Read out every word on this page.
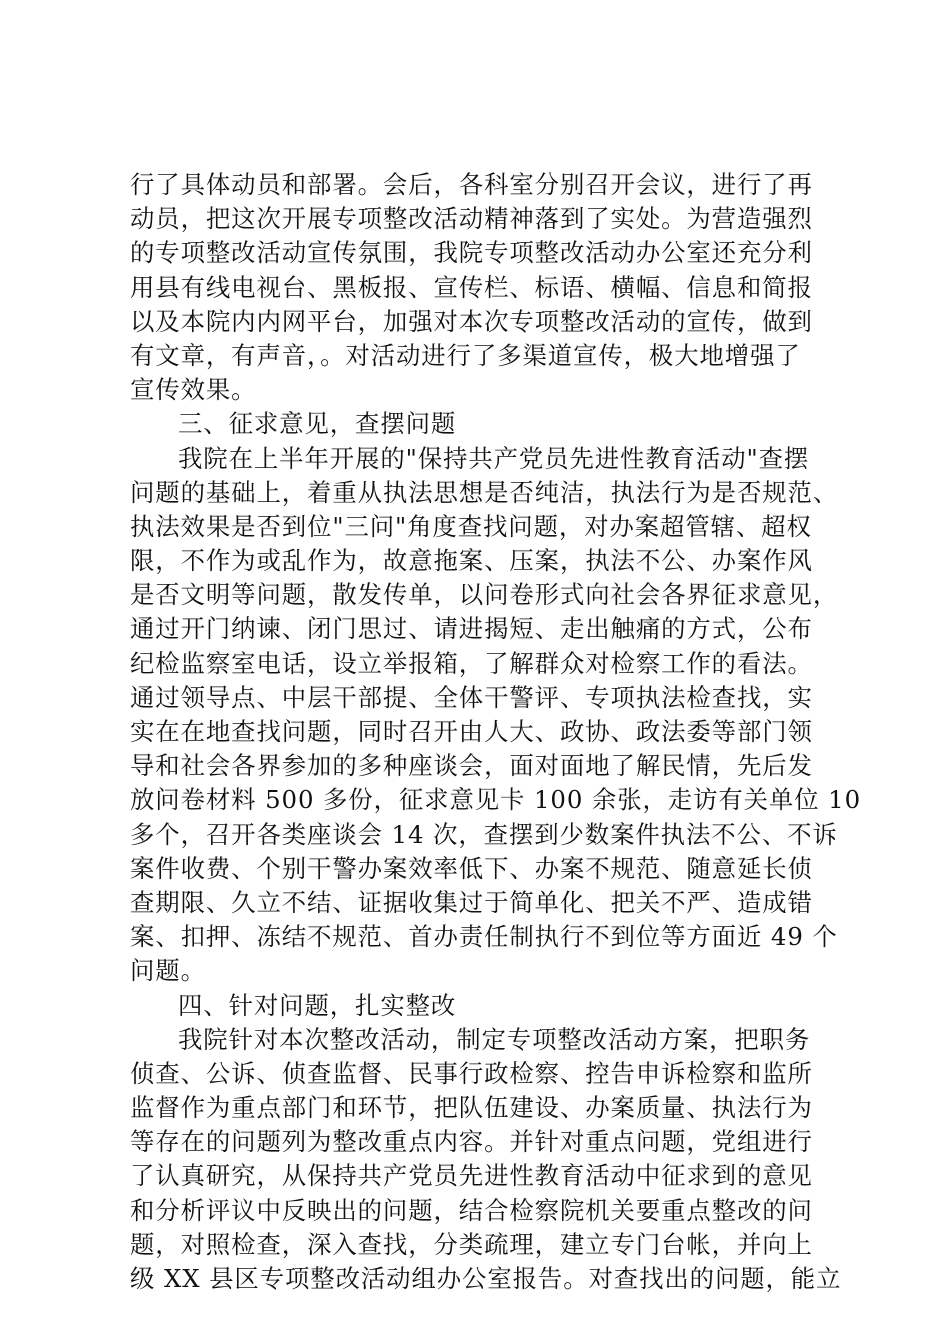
行了具体动员和部署。会后，各科室分别召开会议，进行了再
动员，把这次开展专项整改活动精神落到了实处。为营造强烈
的专项整改活动宣传氛围，我院专项整改活动办公室还充分利
用县有线电视台、黑板报、宣传栏、标语、横幅、信息和简报
以及本院内内网平台，加强对本次专项整改活动的宣传，做到
有文章，有声音，。对活动进行了多渠道宣传，极大地增强了
宣传效果。
三、征求意见，查摆问题
我院在上半年开展的"保持共产党员先进性教育活动"查摆
问题的基础上，着重从执法思想是否纯洁，执法行为是否规范、
执法效果是否到位"三问"角度查找问题，对办案超管辖、超权
限，不作为或乱作为，故意拖案、压案，执法不公、办案作风
是否文明等问题，散发传单，以问卷形式向社会各界征求意见，
通过开门纳谏、闭门思过、请进揭短、走出触痛的方式，公布
纪检监察室电话，设立举报箱，了解群众对检察工作的看法。
通过领导点、中层干部提、全体干警评、专项执法检查找，实
实在在地查找问题，同时召开由人大、政协、政法委等部门领
导和社会各界参加的多种座谈会，面对面地了解民情，先后发
放问卷材料 500 多份，征求意见卡 100 余张，走访有关单位 10
多个，召开各类座谈会 14 次，查摆到少数案件执法不公、不诉
案件收费、个别干警办案效率低下、办案不规范、随意延长侦
查期限、久立不结、证据收集过于简单化、把关不严、造成错
案、扣押、冻结不规范、首办责任制执行不到位等方面近 49 个
问题。
四、针对问题，扎实整改
我院针对本次整改活动，制定专项整改活动方案，把职务
侦查、公诉、侦查监督、民事行政检察、控告申诉检察和监所
监督作为重点部门和环节，把队伍建设、办案质量、执法行为
等存在的问题列为整改重点内容。并针对重点问题，党组进行
了认真研究，从保持共产党员先进性教育活动中征求到的意见
和分析评议中反映出的问题，结合检察院机关要重点整改的问
题，对照检查，深入查找，分类疏理，建立专门台帐，并向上
级 XX 县区专项整改活动组办公室报告。对查找出的问题，能立
